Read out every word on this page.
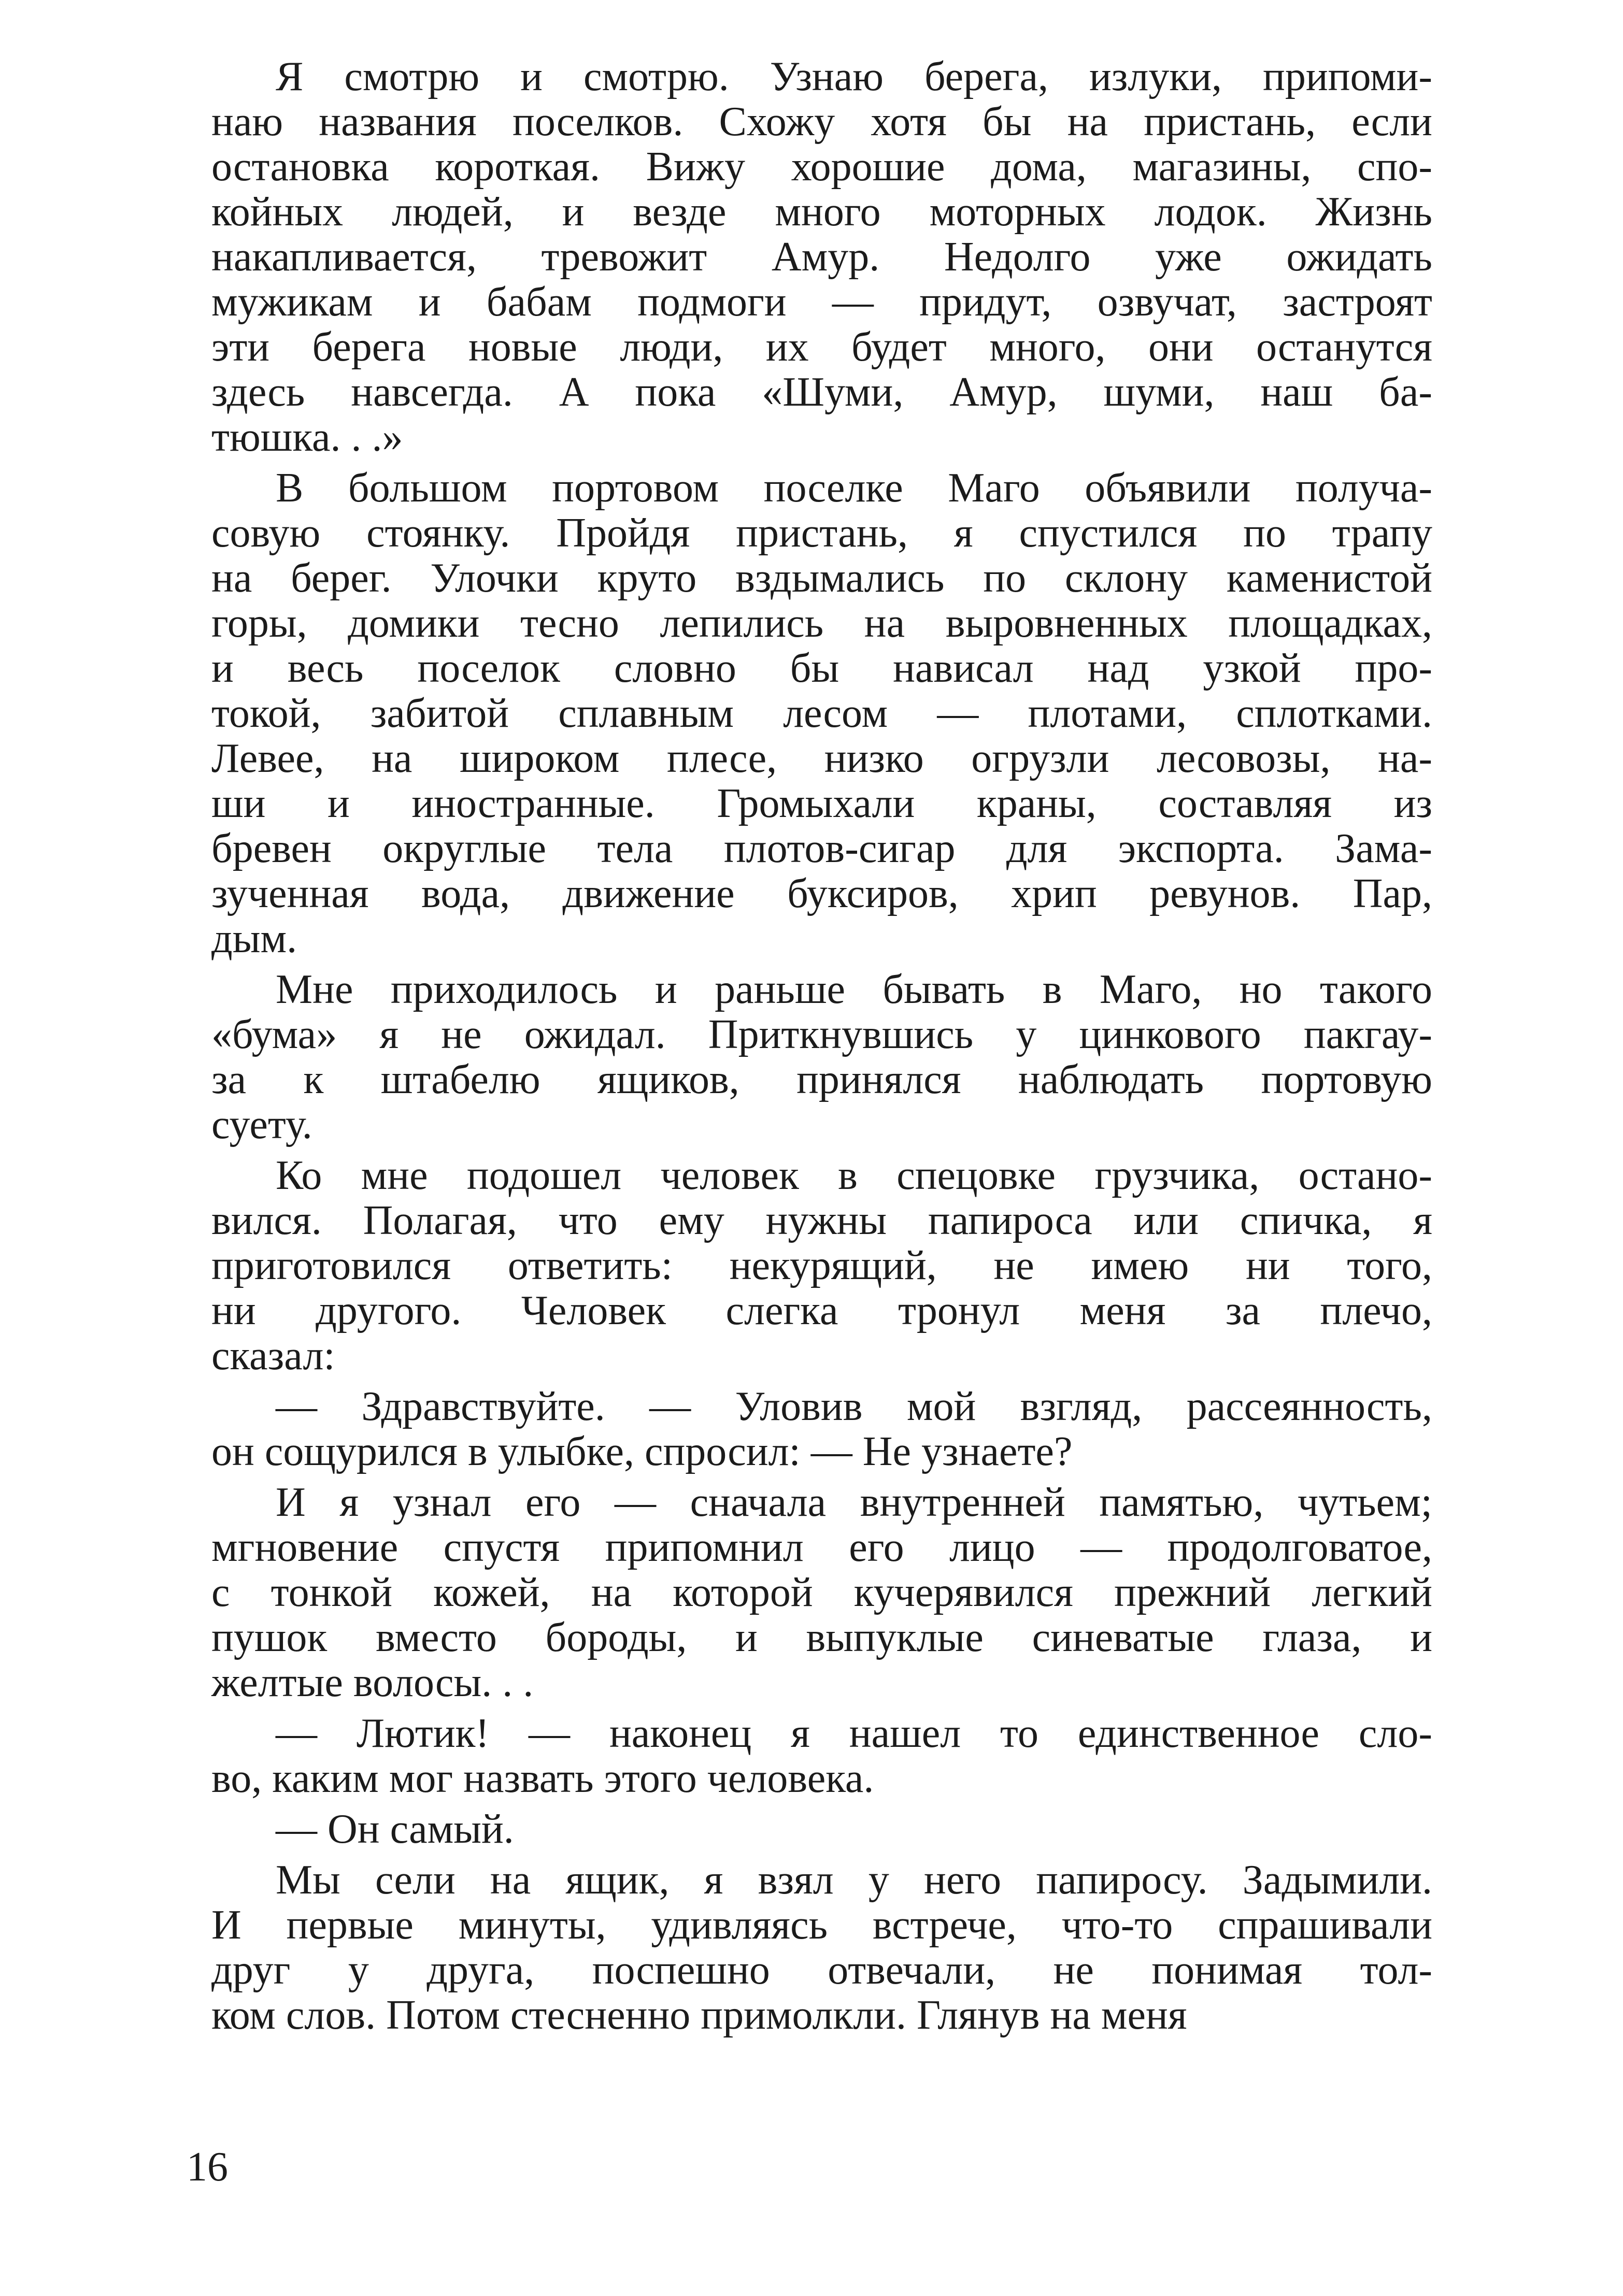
Я смотрю и смотрю. Узнаю берега, излуки, припоми-
наю названия поселков. Схожу хотя бы на пристань, если
остановка короткая. Вижу хорошие дома, магазины, спо-
койных людей, и везде много моторных лодок. Жизнь
накапливается, тревожит Амур. Недолго уже ожидать
мужикам и бабам подмоги — придут, озвучат, застроят
эти берега новые люди, их будет много, они останутся
здесь навсегда. А пока «Шуми, Амур, шуми, наш ба-
тюшка. . .»
В большом портовом поселке Маго объявили получа-
совую стоянку. Пройдя пристань, я спустился по трапу
на берег. Улочки круто вздымались по склону каменистой
горы, домики тесно лепились на выровненных площадках,
и весь поселок словно бы нависал над узкой про-
токой, забитой сплавным лесом — плотами, сплотками.
Левее, на широком плесе, низко огрузли лесовозы, на-
ши и иностранные. Громыхали краны, составляя из
бревен округлые тела плотов-сигар для экспорта. Зама-
зученная вода, движение буксиров, хрип ревунов. Пар,
дым.
Мне приходилось и раньше бывать в Маго, но такого
«бума» я не ожидал. Приткнувшись у цинкового пакгау-
за к штабелю ящиков, принялся наблюдать портовую
суету.
Ко мне подошел человек в спецовке грузчика, остано-
вился. Полагая, что ему нужны папироса или спичка, я
приготовился ответить: некурящий, не имею ни того,
ни другого. Человек слегка тронул меня за плечо,
сказал:
— Здравствуйте. — Уловив мой взгляд, рассеянность,
он сощурился в улыбке, спросил: — Не узнаете?
И я узнал его — сначала внутренней памятью, чутьем;
мгновение спустя припомнил его лицо — продолговатое,
с тонкой кожей, на которой кучерявился прежний легкий
пушок вместо бороды, и выпуклые синеватые глаза, и
желтые волосы. . .
— Лютик! — наконец я нашел то единственное сло-
во, каким мог назвать этого человека.
— Он самый.
Мы сели на ящик, я взял у него папиросу. Задымили.
И первые минуты, удивляясь встрече, что-то спрашивали
друг у друга, поспешно отвечали, не понимая тол-
ком слов. Потом стесненно примолкли. Глянув на меня
16
